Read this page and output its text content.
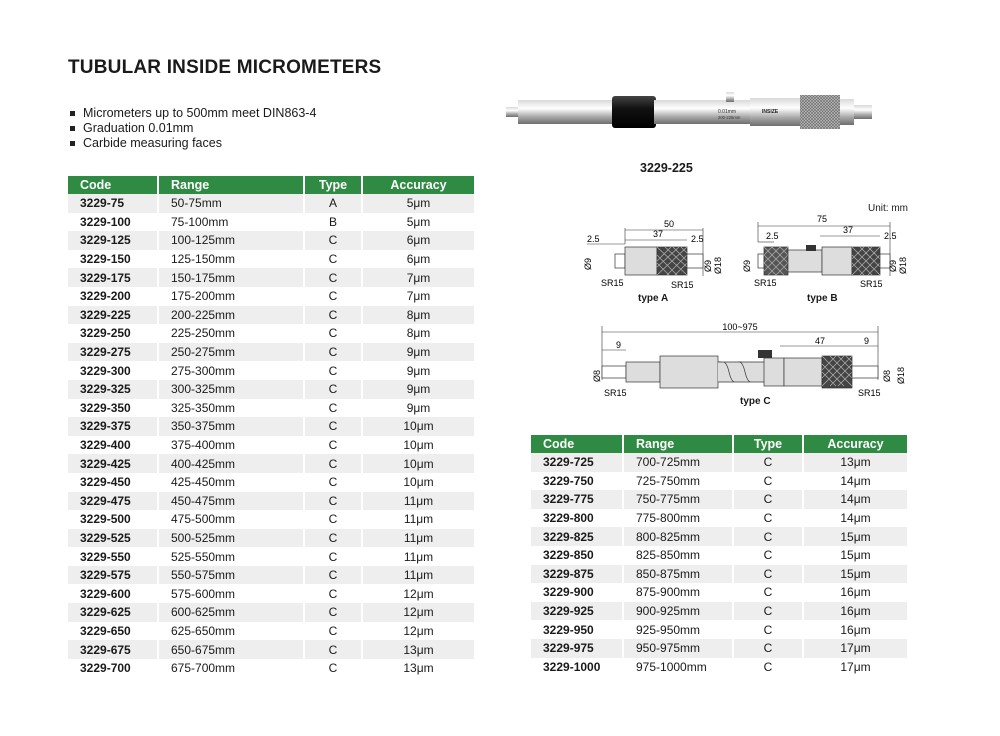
TUBULAR INSIDE MICROMETERS
Micrometers up to 500mm meet DIN863-4
Graduation 0.01mm
Carbide measuring faces
0.01mm
200-225mm
INSIZE
3229-225
Unit: mm
50
37
2.5	2.5
Ø9	Ø9 Ø18
SR15	SR15
type A
75
37
2.5	2.5
Ø9	Ø9 Ø18
SR15	SR15
type B
100~975
9	47	9
Ø8	Ø8 Ø18
SR15	SR15
type C
Code	Range	Type	Accuracy
3229-75	50-75mm	A	5μm
3229-100	75-100mm	B	5μm
3229-125	100-125mm	C	6μm
3229-150	125-150mm	C	6μm
3229-175	150-175mm	C	7μm
3229-200	175-200mm	C	7μm
3229-225	200-225mm	C	8μm
3229-250	225-250mm	C	8μm
3229-275	250-275mm	C	9μm
3229-300	275-300mm	C	9μm
3229-325	300-325mm	C	9μm
3229-350	325-350mm	C	9μm
3229-375	350-375mm	C	10μm
3229-400	375-400mm	C	10μm
3229-425	400-425mm	C	10μm
3229-450	425-450mm	C	10μm
3229-475	450-475mm	C	11μm
3229-500	475-500mm	C	11μm
3229-525	500-525mm	C	11μm
3229-550	525-550mm	C	11μm
3229-575	550-575mm	C	11μm
3229-600	575-600mm	C	12μm
3229-625	600-625mm	C	12μm
3229-650	625-650mm	C	12μm
3229-675	650-675mm	C	13μm
3229-700	675-700mm	C	13μm
Code	Range	Type	Accuracy
3229-725	700-725mm	C	13μm
3229-750	725-750mm	C	14μm
3229-775	750-775mm	C	14μm
3229-800	775-800mm	C	14μm
3229-825	800-825mm	C	15μm
3229-850	825-850mm	C	15μm
3229-875	850-875mm	C	15μm
3229-900	875-900mm	C	16μm
3229-925	900-925mm	C	16μm
3229-950	925-950mm	C	16μm
3229-975	950-975mm	C	17μm
3229-1000	975-1000mm	C	17μm
